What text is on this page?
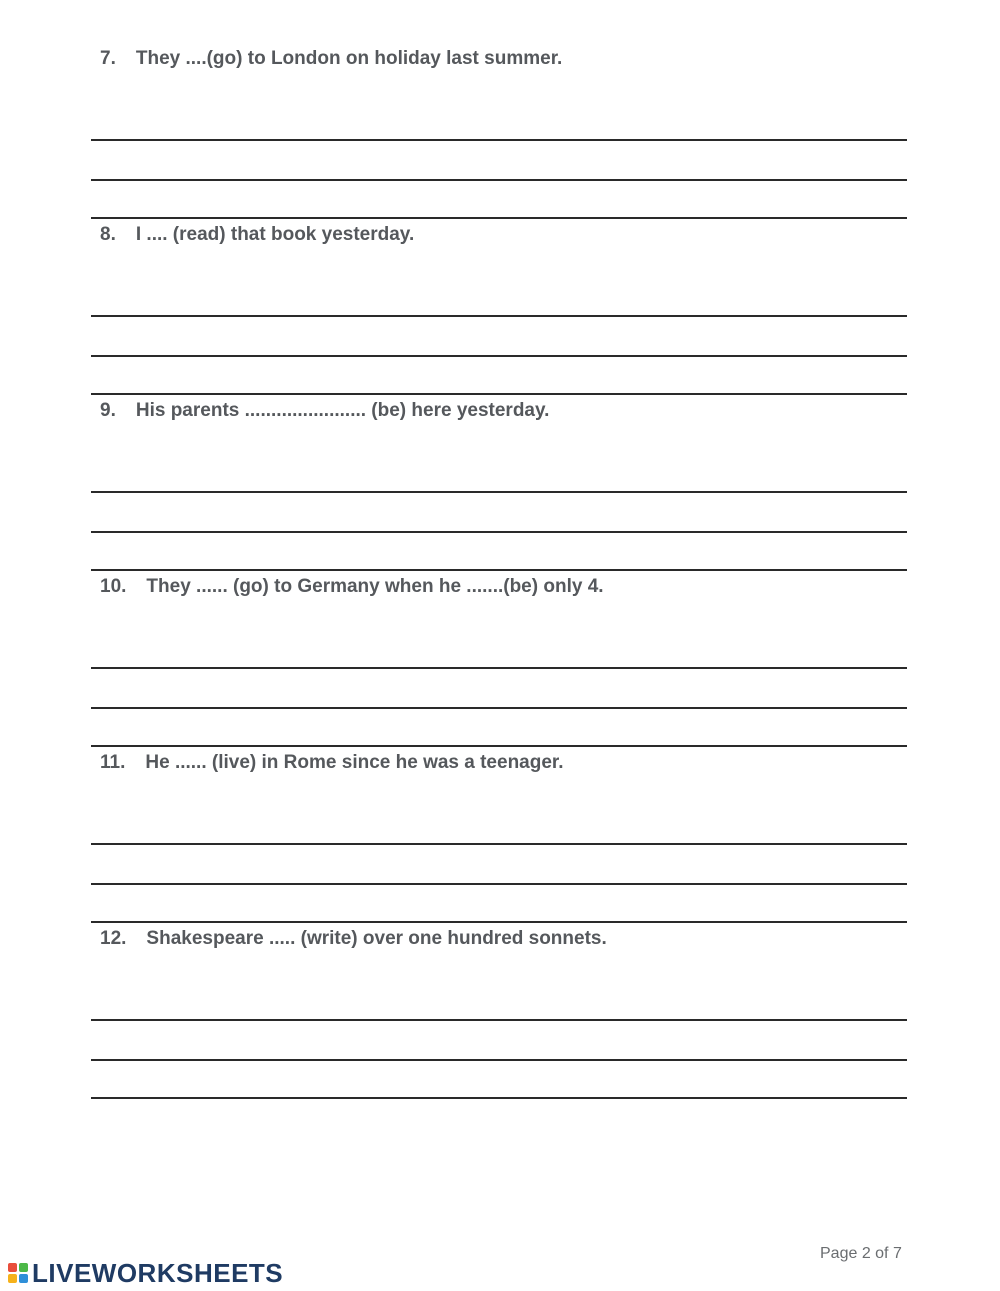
7. They ....(go) to London on holiday last summer.
8. I .... (read) that book yesterday.
9. His parents ....................... (be) here yesterday.
10. They ...... (go) to Germany when he .......(be) only 4.
11. He ...... (live) in Rome since he was a teenager.
12. Shakespeare ..... (write) over one hundred sonnets.
LIVEWORKSHEETS
Page 2 of 7
